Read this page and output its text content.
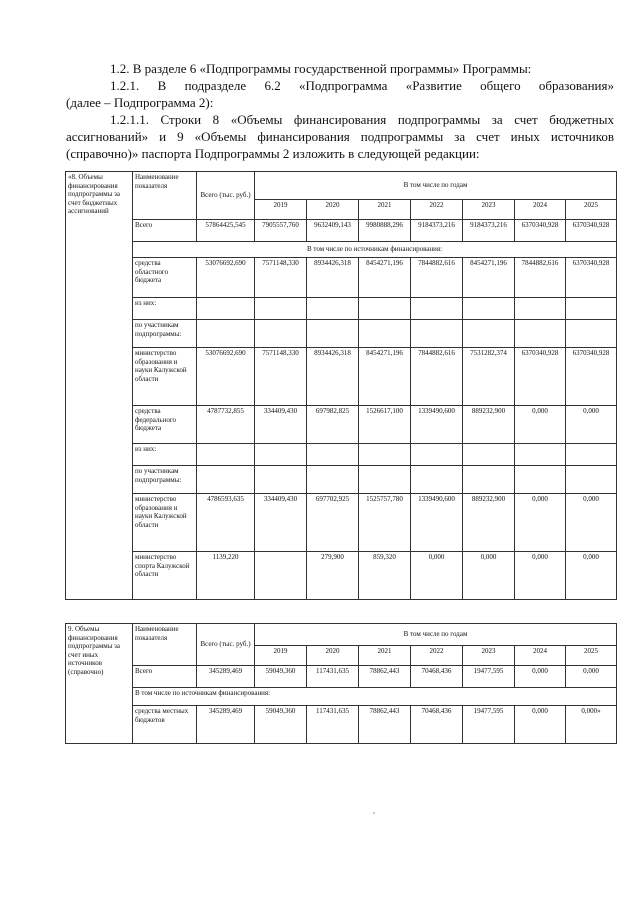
1.2. В разделе 6 «Подпрограммы государственной программы» Программы:
1.2.1. В подразделе 6.2 «Подпрограмма «Развитие общего образования»
(далее – Подпрограмма 2):
1.2.1.1. Строки 8 «Объемы финансирования подпрограммы за счет бюджетных
ассигнований» и 9 «Объемы финансирования подпрограммы за счет иных источников
(справочно)» паспорта Подпрограммы 2 изложить в следующей редакции:
«8. Объемы финансирования подпрограммы за счет бюджетных ассигнований	Наименование показателя	Всего (тыс. руб.)	В том числе по годам						
			2019	2020	2021	2022	2023	2024	2025
	Всего	57864425,545	7905557,760	9632409,143	9980888,296	9184373,216	9184373,216	6370340,928	6370340,928
	В том числе по источникам финансирования:								
	средства областного бюджета	53076692,690	7571148,330	8934426,318	8454271,196	7844882,616	8454271,196	7844882,616	6370340,928
	из них:								
	по участникам подпрограммы:								
	министерство образования и науки Калужской области	53076692,690	7571148,330	8934426,318	8454271,196	7844882,616	7531282,374	6370340,928	6370340,928
	средства федерального бюджета	4787732,855	334409,430	697982,825	1526617,100	1339490,600	889232,900	0,000	0,000
	из них:								
	по участникам подпрограммы:								
	министерство образования и науки Калужской области	4786593,635	334409,430	697702,925	1525757,780	1339490,600	889232,900	0,000	0,000
	министерство спорта Калужской области	1139,220		279,900	859,320	0,000	0,000	0,000	0,000
9. Объемы финансирования подпрограммы за счет иных источников (справочно)	Наименование показателя	Всего (тыс. руб.)	В том числе по годам						
			2019	2020	2021	2022	2023	2024	2025
	Всего	345289,469	59049,360	117431,635	78862,443	70468,436	19477,595	0,000	0,000
	В том числе по источникам финансирования:								
	средства местных бюджетов	345289,469	59049,360	117431,635	78862,443	70468,436	19477,595	0,000	0,000»
